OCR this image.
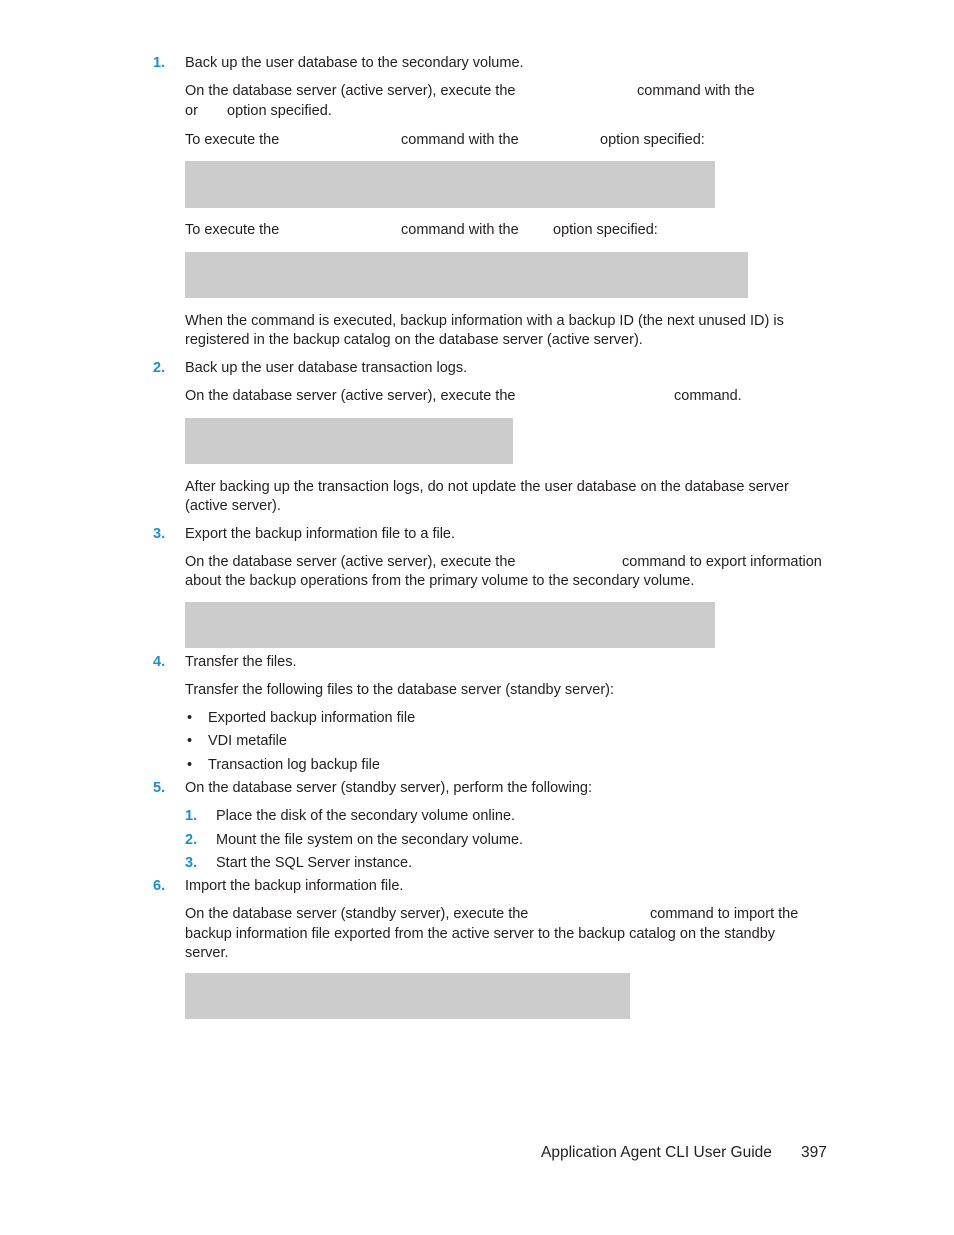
1. Back up the user database to the secondary volume.
On the database server (active server), execute the	command with the
or option specified.
To execute the	command with the	option specified:
To execute the	command with the option specified:
When the command is executed, backup information with a backup ID (the next unused ID) is
registered in the backup catalog on the database server (active server).
2. Back up the user database transaction logs.
On the database server (active server), execute the	command.
After backing up the transaction logs, do not update the user database on the database server
(active server).
3. Export the backup information file to a file.
On the database server (active server), execute the	command to export information
about the backup operations from the primary volume to the secondary volume.
4. Transfer the files.
Transfer the following files to the database server (standby server):
• Exported backup information file
• VDI metafile
• Transaction log backup file
5. On the database server (standby server), perform the following:
1. Place the disk of the secondary volume online.
2. Mount the file system on the secondary volume.
3. Start the SQL Server instance.
6. Import the backup information file.
On the database server (standby server), execute the	command to import the
backup information file exported from the active server to the backup catalog on the standby
server.
Application Agent CLI User Guide 397
